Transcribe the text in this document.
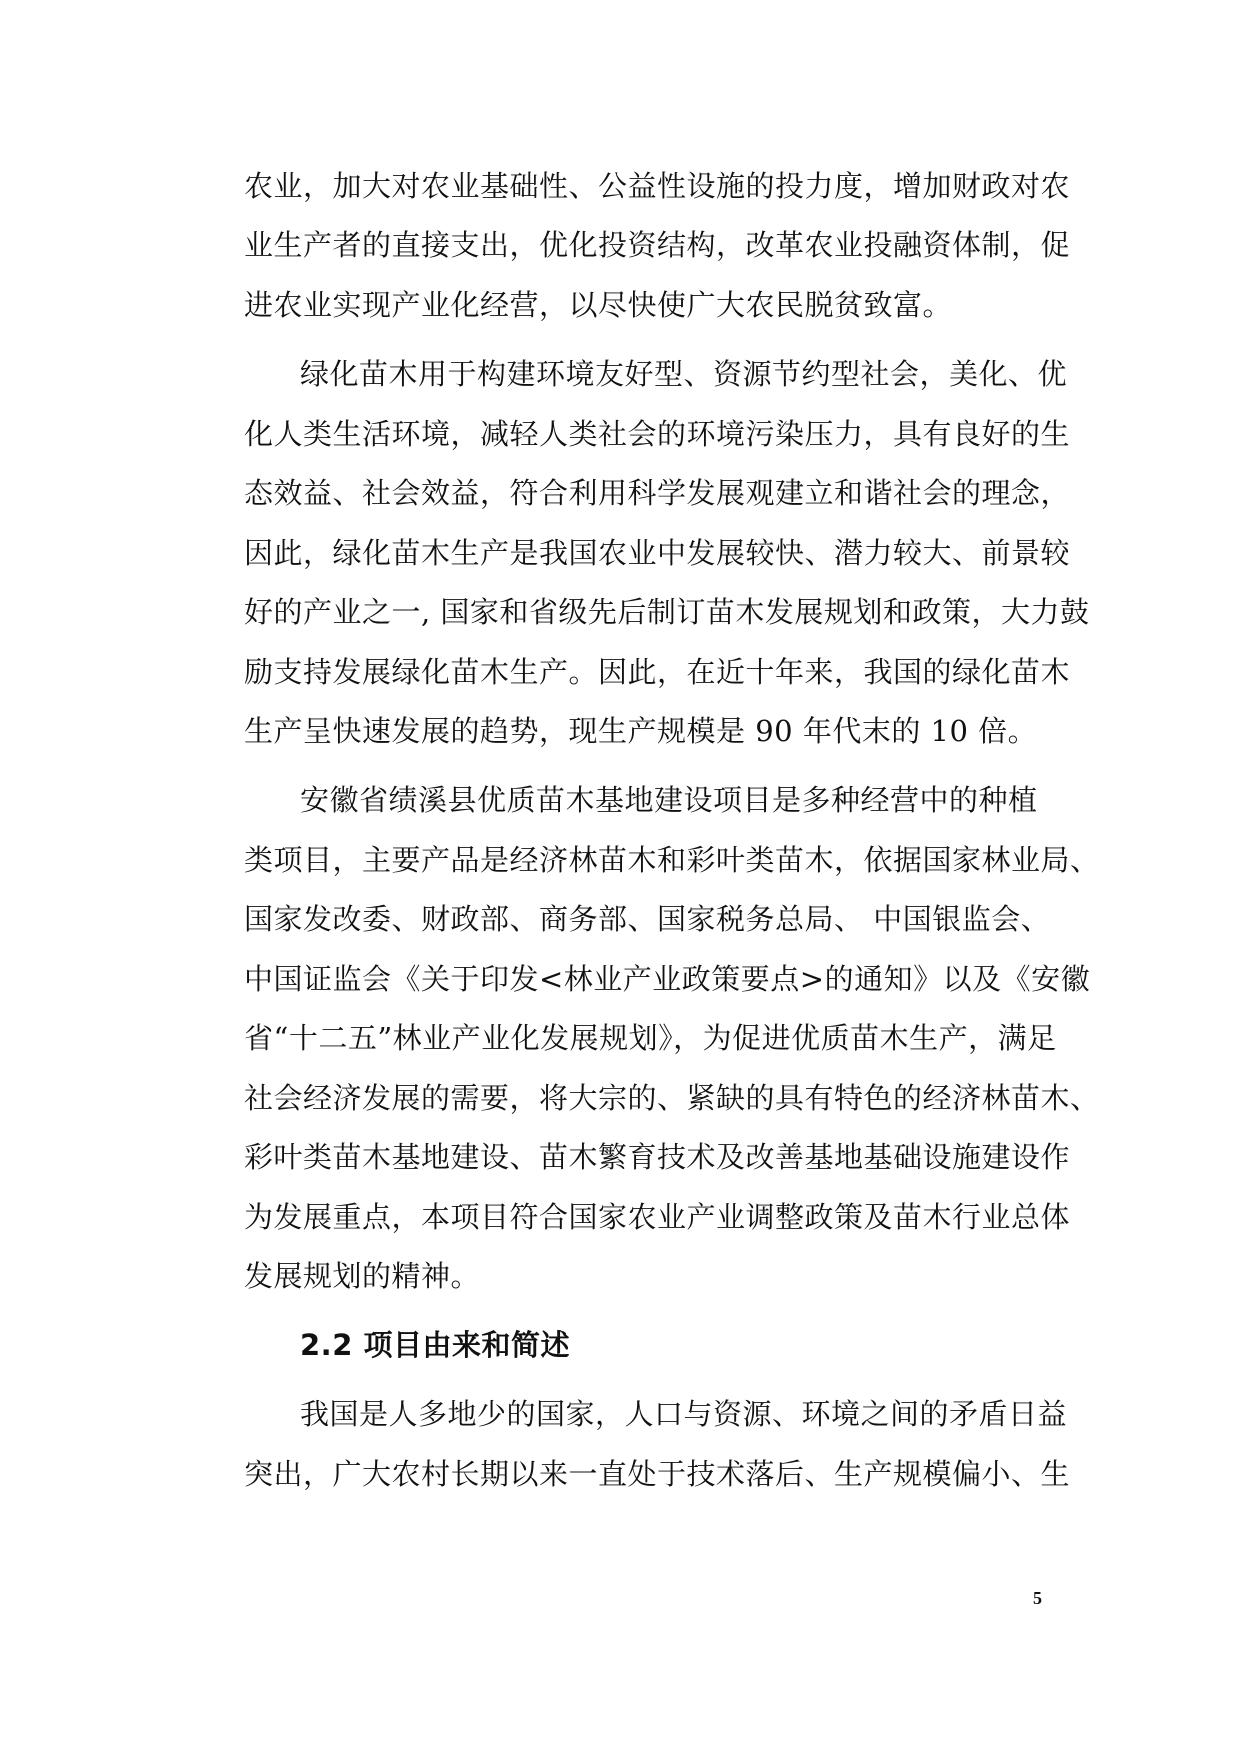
农业，加大对农业基础性、公益性设施的投力度，增加财政对农
业生产者的直接支出，优化投资结构，改革农业投融资体制，促
进农业实现产业化经营，以尽快使广大农民脱贫致富。
绿化苗木用于构建环境友好型、资源节约型社会，美化、优
化人类生活环境，减轻人类社会的环境污染压力，具有良好的生
态效益、社会效益，符合利用科学发展观建立和谐社会的理念，
因此，绿化苗木生产是我国农业中发展较快、潜力较大、前景较
好的产业之一, 国家和省级先后制订苗木发展规划和政策，大力鼓
励支持发展绿化苗木生产。因此，在近十年来，我国的绿化苗木
生产呈快速发展的趋势，现生产规模是 90 年代末的 10 倍。
安徽省绩溪县优质苗木基地建设项目是多种经营中的种植
类项目，主要产品是经济林苗木和彩叶类苗木，依据国家林业局、
国家发改委、财政部、商务部、国家税务总局、 中国银监会、
中国证监会《关于印发<林业产业政策要点>的通知》以及《安徽
省“十二五”林业产业化发展规划》，为促进优质苗木生产，满足
社会经济发展的需要，将大宗的、紧缺的具有特色的经济林苗木、
彩叶类苗木基地建设、苗木繁育技术及改善基地基础设施建设作
为发展重点，本项目符合国家农业产业调整政策及苗木行业总体
发展规划的精神。
2.2 项目由来和简述
我国是人多地少的国家，人口与资源、环境之间的矛盾日益
突出，广大农村长期以来一直处于技术落后、生产规模偏小、生
5
